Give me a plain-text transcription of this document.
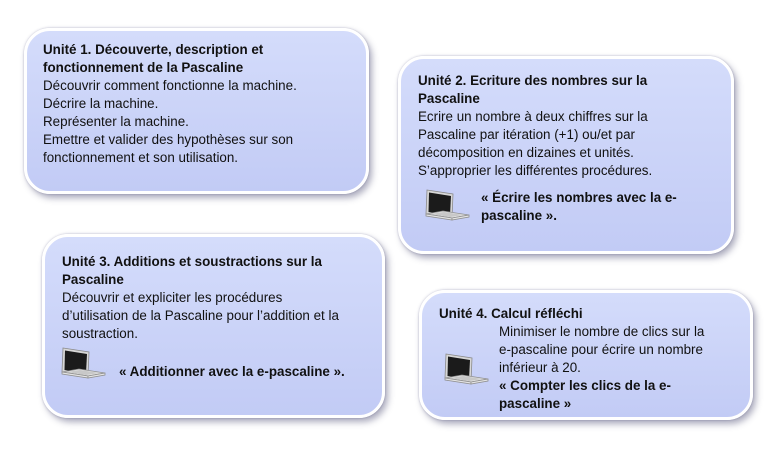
Unité 1. Découverte, description et

fonctionnement de la Pascaline

Découvrir comment fonctionne la machine.

Décrire la machine.

Représenter la machine.

Emettre et valider des hypothèses sur son

fonctionnement et son utilisation.

Unité 2. Ecriture des nombres sur la

Pascaline

Ecrire un nombre à deux chiffres sur la

Pascaline par itération (+1) ou/et par

décomposition en dizaines et unités.

S’approprier les différentes procédures.

« Écrire les nombres avec la e-
pascaline ».

Unité 3. Additions et soustractions sur la

Pascaline

Découvrir et expliciter les procédures

d’utilisation de la Pascaline pour l’addition et la

soustraction.

« Additionner avec la e-pascaline ».

Unité 4. Calcul réfléchi

Minimiser le nombre de clics sur la
e-pascaline pour écrire un nombre
inférieur à 20.
« Compter les clics de la e-
pascaline »
